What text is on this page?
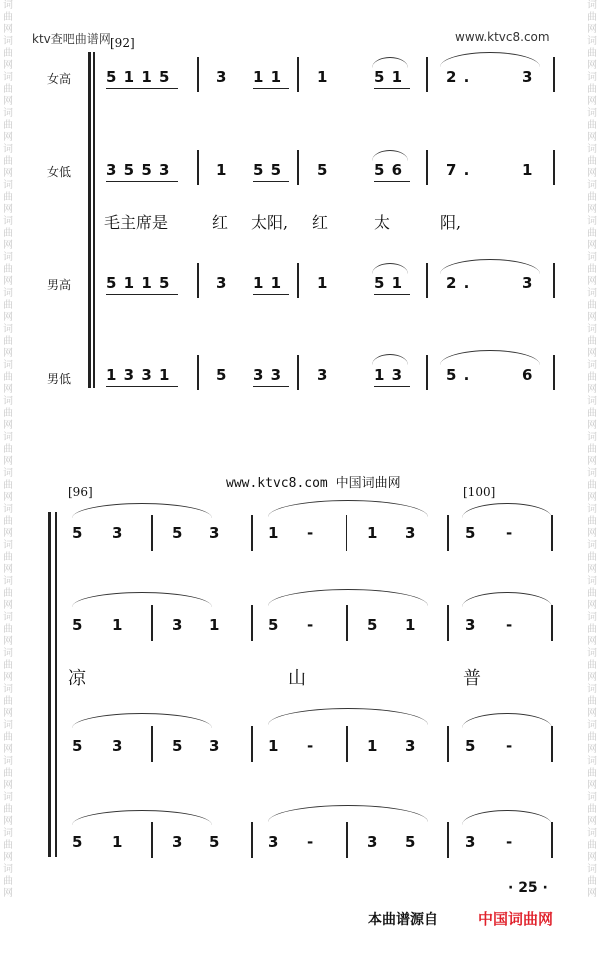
词曲网词曲网词曲网词曲网词曲网词曲网词曲网词曲网词曲网词曲网词曲网词曲网词曲网词曲网词曲网词曲网词曲网词曲网词曲网词曲网词曲网词曲网词曲网词曲网词曲网
词曲网词曲网词曲网词曲网词曲网词曲网词曲网词曲网词曲网词曲网词曲网词曲网词曲网词曲网词曲网词曲网词曲网词曲网词曲网词曲网词曲网词曲网词曲网词曲网词曲网
ktv查吧曲谱网	www.ktvc8.com
[92]
女高
女低
男高
男低
5 1 1 5	3 1 1 1	5 1	2 .	3
3 5 5 3	1 5 5 5	5 6	7 .	1
毛主席是	红 太阳, 红	太	阳,
5 1 1 5	3 1 1 1	5 1	2 .	3
1 3 3 1	5 3 3 3	1 3	5 .	6
www.ktvc8.com 中国词曲网
[96]	[100]
5 3	5 3	1 -	1 3	5 -
5 1	3 1	5 -	5 1	3 -
凉	山	普
5 3	5 3	1 -	1 3	5 -
5 1	3 5	3 -	3 5	3 -
· 25 ·
本曲谱源自	中国词曲网
